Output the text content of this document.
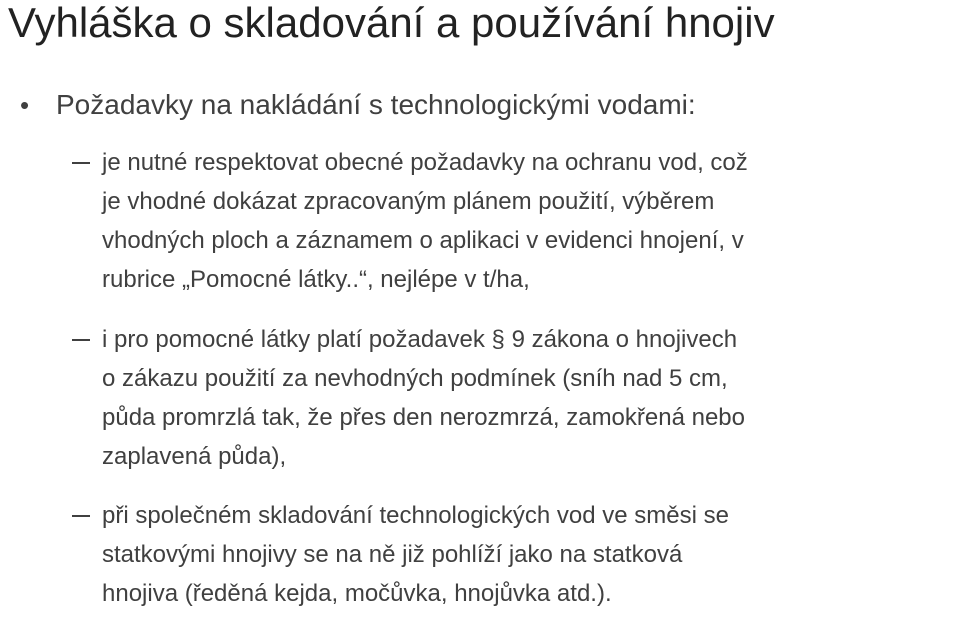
Vyhláška o skladování a používání hnojiv
• Požadavky na nakládání s technologickými vodami:
je nutné respektovat obecné požadavky na ochranu vod, což
je vhodné dokázat zpracovaným plánem použití, výběrem
vhodných ploch a záznamem o aplikaci v evidenci hnojení, v
rubrice „Pomocné látky..“, nejlépe v t/ha,
i pro pomocné látky platí požadavek § 9 zákona o hnojivech
o zákazu použití za nevhodných podmínek (sníh nad 5 cm,
půda promrzlá tak, že přes den nerozmrzá, zamokřená nebo
zaplavená půda),
při společném skladování technologických vod ve směsi se
statkovými hnojivy se na ně již pohlíží jako na statková
hnojiva (ředěná kejda, močůvka, hnojůvka atd.).
